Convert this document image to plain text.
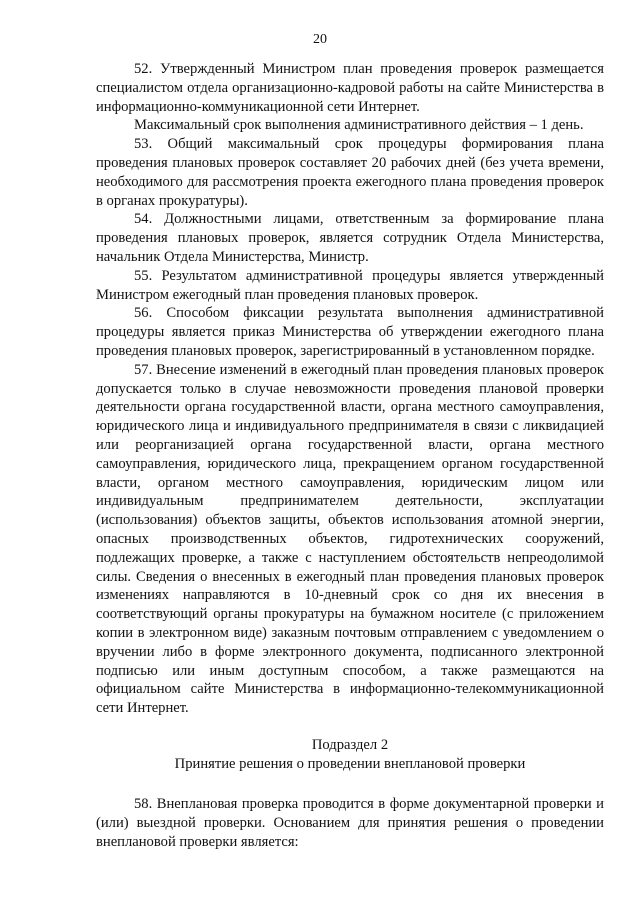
20

52. Утвержденный Министром план проведения проверок размещается специалистом отдела организационно-кадровой работы на сайте Министерства в информационно-коммуникационной сети Интернет.

Максимальный срок выполнения административного действия – 1 день.

53. Общий максимальный срок процедуры формирования плана проведения плановых проверок составляет 20 рабочих дней (без учета времени, необходимого для рассмотрения проекта ежегодного плана проведения проверок в органах прокуратуры).

54. Должностными лицами, ответственным за формирование плана проведения плановых проверок, является сотрудник Отдела Министерства, начальник Отдела Министерства, Министр.

55. Результатом административной процедуры является утвержденный Министром ежегодный план проведения плановых проверок.

56. Способом фиксации результата выполнения административной процедуры является приказ Министерства об утверждении ежегодного плана проведения плановых проверок, зарегистрированный в установленном порядке.

57. Внесение изменений в ежегодный план проведения плановых проверок допускается только в случае невозможности проведения плановой проверки деятельности органа государственной власти, органа местного самоуправления, юридического лица и индивидуального предпринимателя в связи с ликвидацией или реорганизацией органа государственной власти, органа местного самоуправления, юридического лица, прекращением органом государственной власти, органом местного самоуправления, юридическим лицом или индивидуальным предпринимателем деятельности, эксплуатации (использования) объектов защиты, объектов использования атомной энергии, опасных производственных объектов, гидротехнических сооружений, подлежащих проверке, а также с наступлением обстоятельств непреодолимой силы. Сведения о внесенных в ежегодный план проведения плановых проверок изменениях направляются в 10-дневный срок со дня их внесения в соответствующий органы прокуратуры на бумажном носителе (с приложением копии в электронном виде) заказным почтовым отправлением с уведомлением о вручении либо в форме электронного документа, подписанного электронной подписью или иным доступным способом, а также размещаются на официальном сайте Министерства в информационно-телекоммуникационной сети Интернет.

Подраздел 2

Принятие решения о проведении внеплановой проверки

58. Внеплановая проверка проводится в форме документарной проверки и (или) выездной проверки. Основанием для принятия решения о проведении внеплановой проверки является:
